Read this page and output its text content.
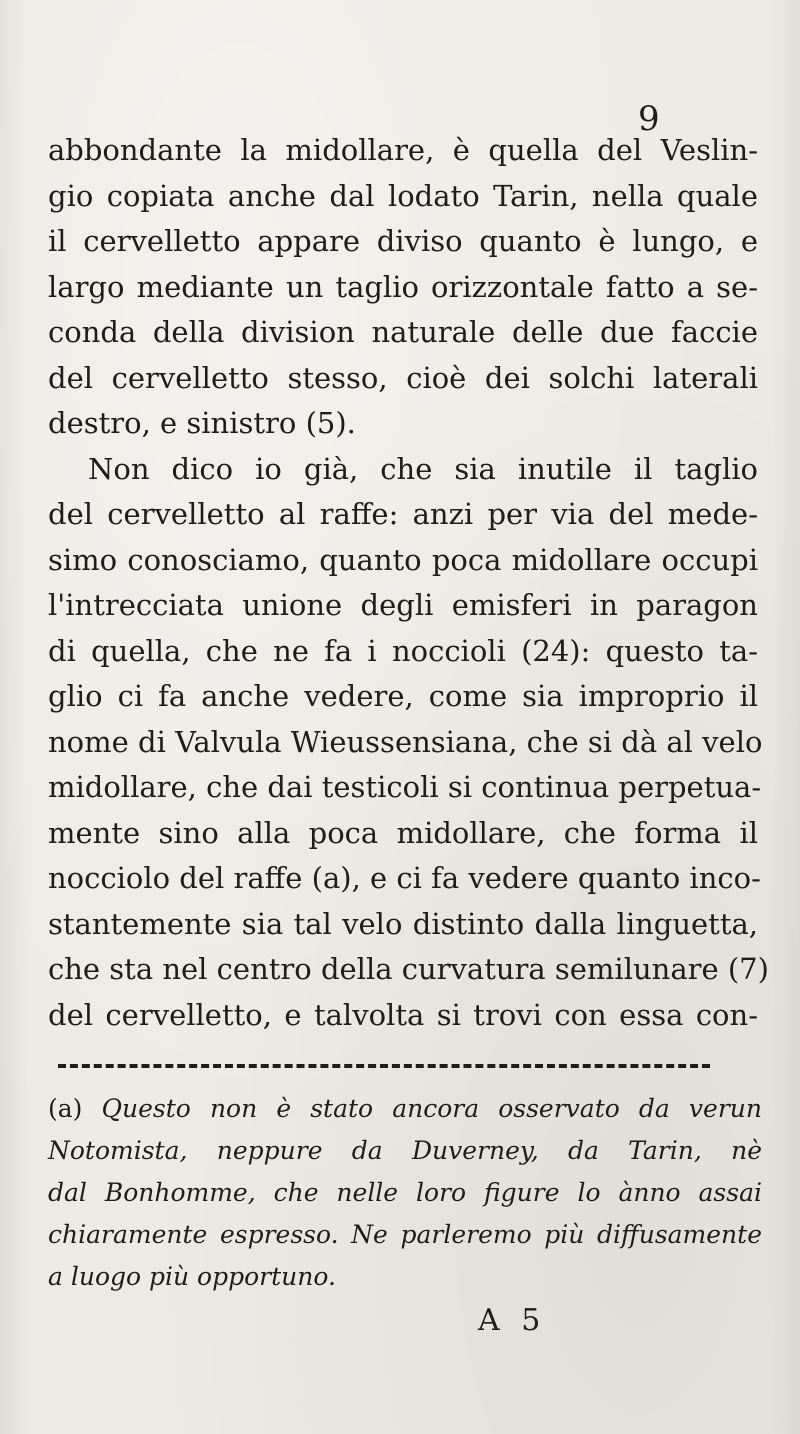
9
abbondante la midollare, è quella del Veslin-
gio copiata anche dal lodato Tarin, nella quale
il cervelletto appare diviso quanto è lungo, e
largo mediante un taglio orizzontale fatto a se-
conda della division naturale delle due faccie
del cervelletto stesso, cioè dei solchi laterali
destro, e sinistro (5).
Non dico io già, che sia inutile il taglio
del cervelletto al raffe: anzi per via del mede-
simo conosciamo, quanto poca midollare occupi
l'intrecciata unione degli emisferi in paragon
di quella, che ne fa i noccioli (24): questo ta-
glio ci fa anche vedere, come sia improprio il
nome di Valvula Wieussensiana, che si dà al velo
midollare, che dai testicoli si continua perpetua-
mente sino alla poca midollare, che forma il
nocciolo del raffe (a), e ci fa vedere quanto inco-
stantemente sia tal velo distinto dalla linguetta,
che sta nel centro della curvatura semilunare (7)
del cervelletto, e talvolta si trovi con essa con-
(a) Questo non è stato ancora osservato da verun
Notomista, neppure da Duverney, da Tarin, nè
dal Bonhomme, che nelle loro figure lo ànno assai
chiaramente espresso. Ne parleremo più diffusamente
a luogo più opportuno.
A 5
